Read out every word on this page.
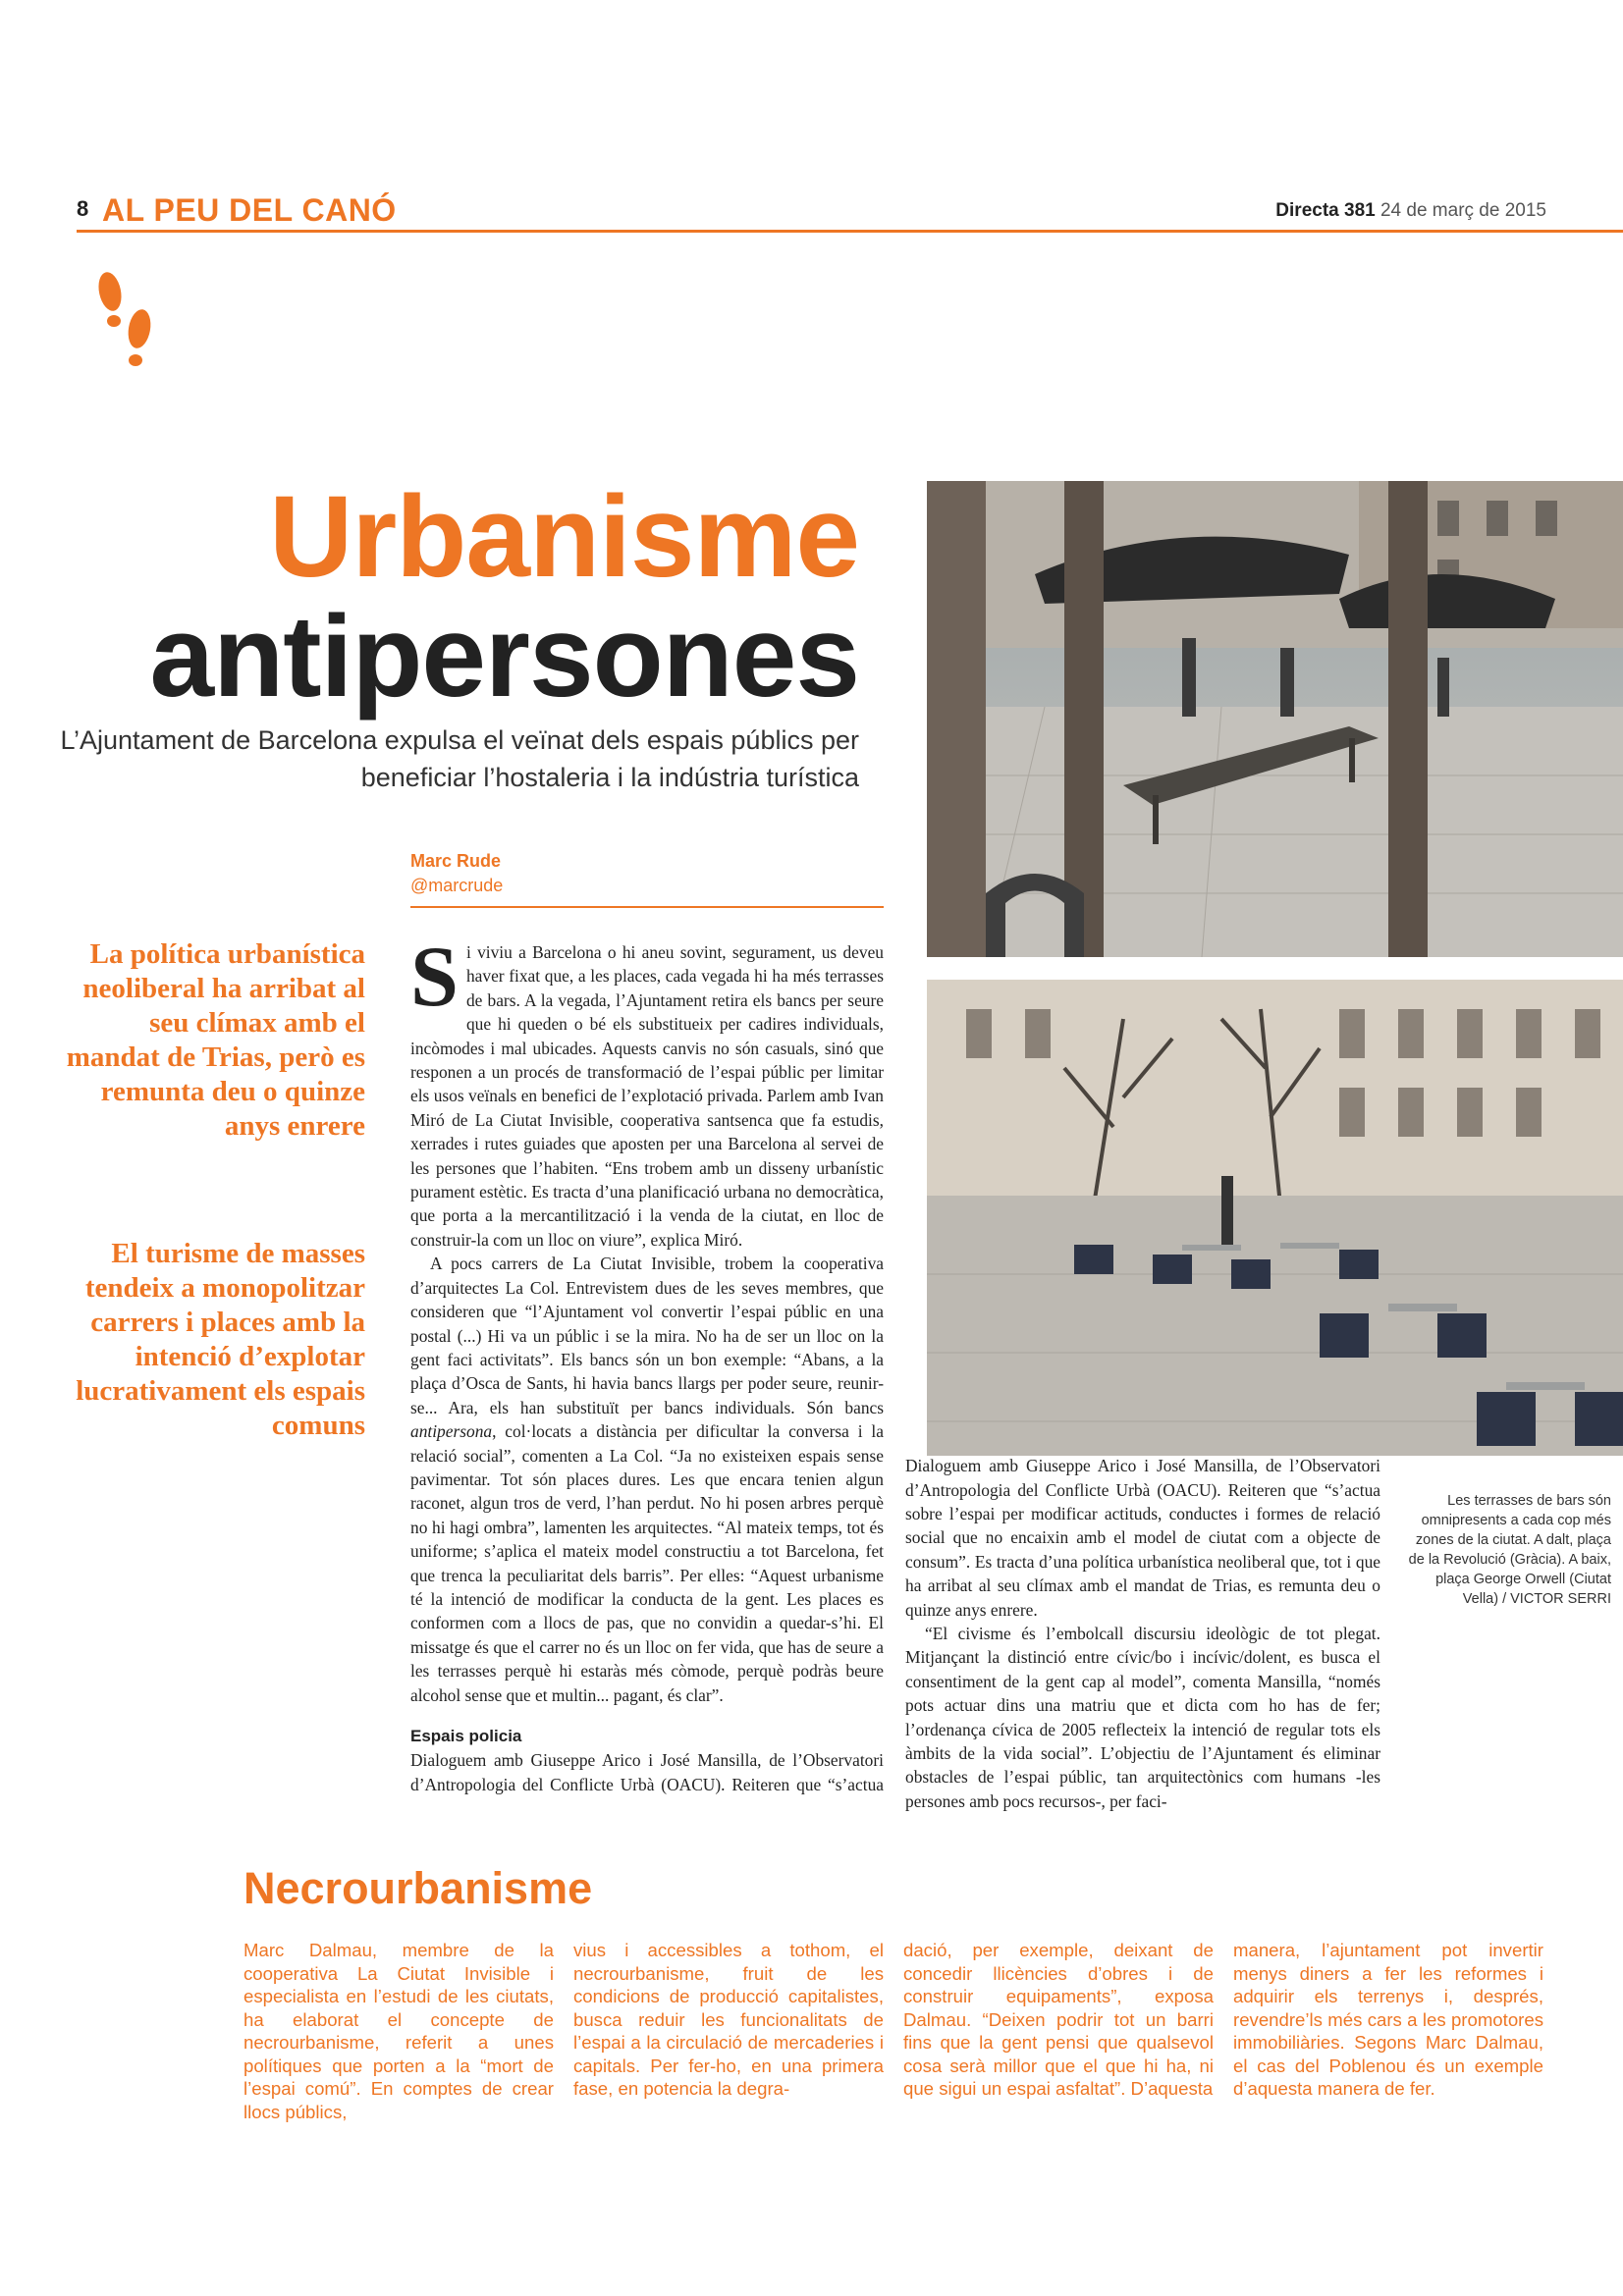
8 AL PEU DEL CANÓ	Directa 381 24 de març de 2015
Urbanisme
antipersones
L’Ajuntament de Barcelona expulsa el veïnat dels espais públics per beneficiar l’hostaleria i la indústria turística
Marc Rude
@marcrude
La política urbanística neoliberal ha arribat al seu clímax amb el mandat de Trias, però es remunta deu o quinze anys enrere
El turisme de masses tendeix a monopolitzar carrers i places amb la intenció d’explotar lucrativament els espais comuns

Si viviu a Barcelona o hi aneu sovint, segurament, us deveu haver fixat que, a les places, cada vegada hi ha més terrasses de bars. A la vegada, l’Ajuntament retira els bancs per seure que hi queden o bé els substitueix per cadires individuals, incòmodes i mal ubicades. Aquests canvis no són casuals, sinó que responen a un procés de transformació de l’espai públic per limitar els usos veïnals en benefici de l’explotació privada. Parlem amb Ivan Miró de La Ciutat Invisible, cooperativa santsenca que fa estudis, xerrades i rutes guiades que aposten per una Barcelona al servei de les persones que l’habiten. “Ens trobem amb un disseny urbanístic purament estètic. Es tracta d’una planificació urbana no democràtica, que porta a la mercantilització i la venda de la ciutat, en lloc de construir-la com un lloc on viure”, explica Miró.

A pocs carrers de La Ciutat Invisible, trobem la cooperativa d’arquitectes La Col. Entrevistem dues de les seves membres, que consideren que “l’Ajuntament vol convertir l’espai públic en una postal (...) Hi va un públic i se la mira. No ha de ser un lloc on la gent faci activitats”. Els bancs són un bon exemple: “Abans, a la plaça d’Osca de Sants, hi havia bancs llargs per poder seure, reunir-se... Ara, els han substituït per bancs individuals. Són bancs antipersona, col·locats a distància per dificultar la conversa i la relació social”, comenten a La Col. “Ja no existeixen espais sense pavimentar. Tot són places dures. Les que encara tenien algun raconet, algun tros de verd, l’han perdut. No hi posen arbres perquè no hi hagi ombra”, lamenten les arquitectes. “Al mateix temps, tot és uniforme; s’aplica el mateix model constructiu a tot Barcelona, fet que trenca la peculiaritat dels barris”. Per elles: “Aquest urbanisme té la intenció de modificar la conducta de la gent. Les places es conformen com a llocs de pas, que no convidin a quedar-s’hi. El missatge és que el carrer no és un lloc on fer vida, que has de seure a les terrasses perquè hi estaràs més còmode, perquè podràs beure alcohol sense que et multin... pagant, és clar”.

Espais policia

Dialoguem amb Giuseppe Arico i José Mansilla, de l’Observatori d’Antropologia del Conflicte Urbà (OACU). Reiteren que “s’actua

Dialoguem amb Giuseppe Arico i José Mansilla, de l’Observatori d’Antropologia del Conflicte Urbà (OACU). Reiteren que “s’actua sobre l’espai per modificar actituds, conductes i formes de relació social que no encaixin amb el model de ciutat com a objecte de consum”. Es tracta d’una política urbanística neoliberal que, tot i que ha arribat al seu clímax amb el mandat de Trias, es remunta deu o quinze anys enrere.

“El civisme és l’embolcall discursiu ideològic de tot plegat. Mitjançant la distinció entre cívic/bo i incívic/dolent, es busca el consentiment de la gent cap al model”, comenta Mansilla, “només pots actuar dins una matriu que et dicta com ho has de fer; l’ordenança cívica de 2005 reflecteix la intenció de regular tots els àmbits de la vida social”. L’objectiu de l’Ajuntament és eliminar obstacles de l’espai públic, tan arquitectònics com humans -les persones amb pocs recursos-, per faci-

Les terrasses de bars són omnipresents a cada cop més zones de la ciutat. A dalt, plaça de la Revolució (Gràcia). A baix, plaça George Orwell (Ciutat Vella) / VICTOR SERRI
Necrourbanisme
Marc Dalmau, membre de la cooperativa La Ciutat Invisible i especialista en l’estudi de les ciutats, ha elaborat el concepte de necrourbanisme, referit a unes polítiques que porten a la “mort de l’espai comú”. En comptes de crear llocs públics,
vius i accessibles a tothom, el necrourbanisme, fruit de les condicions de producció capitalistes, busca reduir les funcionalitats de l’espai a la circulació de mercaderies i capitals. Per fer-ho, en una primera fase, en potencia la degra-
dació, per exemple, deixant de concedir llicències d’obres i de construir equipaments”, exposa Dalmau. “Deixen podrir tot un barri fins que la gent pensi que qualsevol cosa serà millor que el que hi ha, ni que sigui un espai asfaltat”. D’aquesta
manera, l’ajuntament pot invertir menys diners a fer les reformes i adquirir els terrenys i, després, revendre’ls més cars a les promotores immobiliàries. Segons Marc Dalmau, el cas del Poblenou és un exemple d’aquesta manera de fer.
